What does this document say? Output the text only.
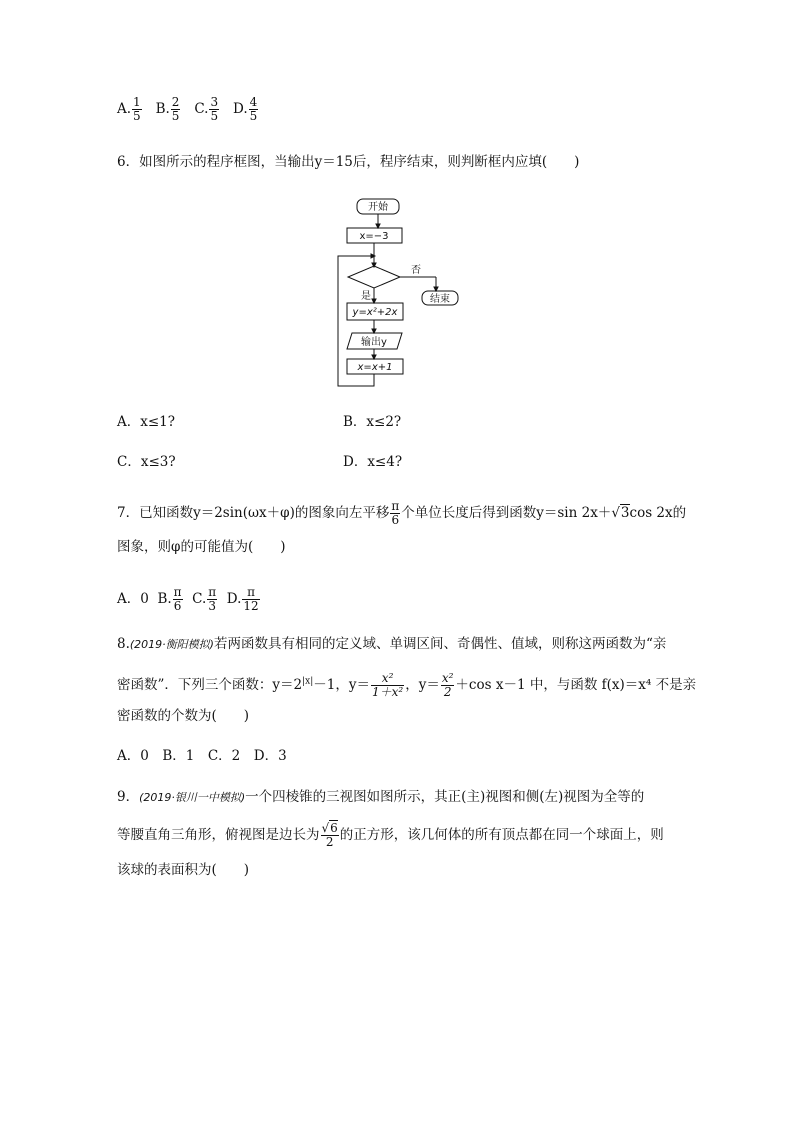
A. $\frac{1}{5} B$. $\frac{2}{5} C$. $\frac{3}{5} D$. $\frac{4}{5}$
6．如图所示的程序框图，当输出y＝15后，程序结束，则判断框内应填(　　)
开始
x=−3
否
是	结束
y=x²+2x
输出y
x=x+1
A．x≤1?	B．x≤2?
C．x≤3?	D．x≤4?
7．已知函数y＝2sin(ωx＋φ)的图象向左平移 $\frac{\pi}{6}$ 个单位长度后得到函数y＝sin 2x＋√3cos 2x的
图象，则φ的可能值为(　　)
A．0 B. $\frac{\pi}{6} C$. $\frac{\pi}{3} D$. $\frac{\pi}{12}$
8.(2019·衡阳模拟)若两函数具有相同的定义域、单调区间、奇偶性、值域，则称这两函数为“亲
密函数”．下列三个函数：$y=2^{|x|}-1$，$y= \frac{\text{x²}}{\text{1＋x²}}$ ，$y= \frac{\text{x²}}{2} +\cos$ x－1 中，与函数 f(x)＝x⁴ 不是亲
密函数的个数为(　　)
A．0　B．1　C．2　D．3
9．(2019·银川一中模拟)一个四棱锥的三视图如图所示，其正(主)视图和侧(左)视图为全等的
等腰直角三角形，俯视图是边长为 $\frac{√6}{2}$ 的正方形，该几何体的所有顶点都在同一个球面上，则
该球的表面积为(　　)
